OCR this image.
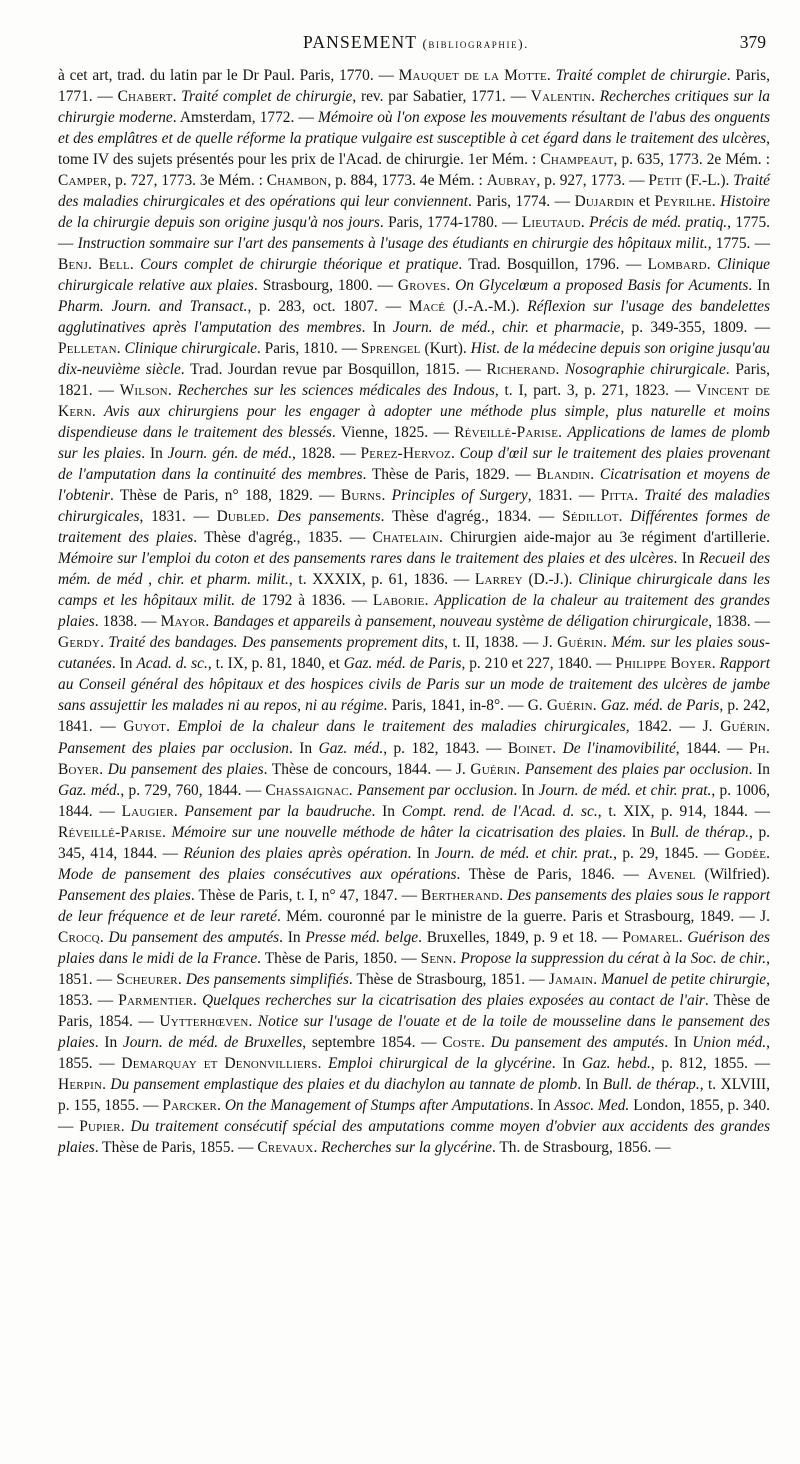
PANSEMENT (bibliographie).	379

à cet art, trad. du latin par le Dr Paul. Paris, 1770. — Mauquet de la Motte. Traité complet de chirurgie. Paris, 1771. — Chabert. Traité complet de chirurgie, rev. par Sabatier, 1771. — Valentin. Recherches critiques sur la chirurgie moderne. Amsterdam, 1772. — Mémoire où l'on expose les mouvements résultant de l'abus des onguents et des emplâtres et de quelle réforme la pratique vulgaire est susceptible à cet égard dans le traitement des ulcères, tome IV des sujets présentés pour les prix de l'Acad. de chirurgie. 1er Mém. : Champeaut, p. 635, 1773. 2e Mém. : Camper, p. 727, 1773. 3e Mém. : Chambon, p. 884, 1773. 4e Mém. : Aubray, p. 927, 1773. — Petit (F.-L.). Traité des maladies chirurgicales et des opérations qui leur conviennent. Paris, 1774. — Dujardin et Peyrilhe. Histoire de la chirurgie depuis son origine jusqu'à nos jours. Paris, 1774-1780. — Lieutaud. Précis de méd. pratiq., 1775. — Instruction sommaire sur l'art des pansements à l'usage des étudiants en chirurgie des hôpitaux milit., 1775. — Benj. Bell. Cours complet de chirurgie théorique et pratique. Trad. Bosquillon, 1796. — Lombard. Clinique chirurgicale relative aux plaies. Strasbourg, 1800. — Groves. On Glycelœum a proposed Basis for Acuments. In Pharm. Journ. and Transact., p. 283, oct. 1807. — Macé (J.-A.-M.). Réflexion sur l'usage des bandelettes agglutinatives après l'amputation des membres. In Journ. de méd., chir. et pharmacie, p. 349-355, 1809. — Pelletan. Clinique chirurgicale. Paris, 1810. — Sprengel (Kurt). Hist. de la médecine depuis son origine jusqu'au dix-neuvième siècle. Trad. Jourdan revue par Bosquillon, 1815. — Richerand. Nosographie chirurgicale. Paris, 1821. — Wilson. Recherches sur les sciences médicales des Indous, t. I, part. 3, p. 271, 1823. — Vincent de Kern. Avis aux chirurgiens pour les engager à adopter une méthode plus simple, plus naturelle et moins dispendieuse dans le traitement des blessés. Vienne, 1825. — Réveillé-Parise. Applications de lames de plomb sur les plaies. In Journ. gén. de méd., 1828. — Perez-Hervoz. Coup d'œil sur le traitement des plaies provenant de l'amputation dans la continuité des membres. Thèse de Paris, 1829. — Blandin. Cicatrisation et moyens de l'obtenir. Thèse de Paris, n° 188, 1829. — Burns. Principles of Surgery, 1831. — Pitta. Traité des maladies chirurgicales, 1831. — Dubled. Des pansements. Thèse d'agrég., 1834. — Sédillot. Différentes formes de traitement des plaies. Thèse d'agrég., 1835. — Chatelain. Chirurgien aide-major au 3e régiment d'artillerie. Mémoire sur l'emploi du coton et des pansements rares dans le traitement des plaies et des ulcères. In Recueil des mém. de méd , chir. et pharm. milit., t. XXXIX, p. 61, 1836. — Larrey (D.-J.). Clinique chirurgicale dans les camps et les hôpitaux milit. de 1792 à 1836. — Laborie. Application de la chaleur au traitement des grandes plaies. 1838. — Mayor. Bandages et appareils à pansement, nouveau système de déligation chirurgicale, 1838. — Gerdy. Traité des bandages. Des pansements proprement dits, t. II, 1838. — J. Guérin. Mém. sur les plaies sous-cutanées. In Acad. d. sc., t. IX, p. 81, 1840, et Gaz. méd. de Paris, p. 210 et 227, 1840. — Philippe Boyer. Rapport au Conseil général des hôpitaux et des hospices civils de Paris sur un mode de traitement des ulcères de jambe sans assujettir les malades ni au repos, ni au régime. Paris, 1841, in-8°. — G. Guérin. Gaz. méd. de Paris, p. 242, 1841. — Guyot. Emploi de la chaleur dans le traitement des maladies chirurgicales, 1842. — J. Guérin. Pansement des plaies par occlusion. In Gaz. méd., p. 182, 1843. — Boinet. De l'inamovibilité, 1844. — Ph. Boyer. Du pansement des plaies. Thèse de concours, 1844. — J. Guérin. Pansement des plaies par occlusion. In Gaz. méd., p. 729, 760, 1844. — Chassaignac. Pansement par occlusion. In Journ. de méd. et chir. prat., p. 1006, 1844. — Laugier. Pansement par la baudruche. In Compt. rend. de l'Acad. d. sc., t. XIX, p. 914, 1844. — Réveillé-Parise. Mémoire sur une nouvelle méthode de hâter la cicatrisation des plaies. In Bull. de thérap., p. 345, 414, 1844. — Réunion des plaies après opération. In Journ. de méd. et chir. prat., p. 29, 1845. — Godée. Mode de pansement des plaies consécutives aux opérations. Thèse de Paris, 1846. — Avenel (Wilfried). Pansement des plaies. Thèse de Paris, t. I, n° 47, 1847. — Bertherand. Des pansements des plaies sous le rapport de leur fréquence et de leur rareté. Mém. couronné par le ministre de la guerre. Paris et Strasbourg, 1849. — J. Crocq. Du pansement des amputés. In Presse méd. belge. Bruxelles, 1849, p. 9 et 18. — Pomarel. Guérison des plaies dans le midi de la France. Thèse de Paris, 1850. — Senn. Propose la suppression du cérat à la Soc. de chir., 1851. — Scheurer. Des pansements simplifiés. Thèse de Strasbourg, 1851. — Jamain. Manuel de petite chirurgie, 1853. — Parmentier. Quelques recherches sur la cicatrisation des plaies exposées au contact de l'air. Thèse de Paris, 1854. — Uytterhœven. Notice sur l'usage de l'ouate et de la toile de mousseline dans le pansement des plaies. In Journ. de méd. de Bruxelles, septembre 1854. — Coste. Du pansement des amputés. In Union méd., 1855. — Demarquay et Denonvilliers. Emploi chirurgical de la glycérine. In Gaz. hebd., p. 812, 1855. — Herpin. Du pansement emplastique des plaies et du diachylon au tannate de plomb. In Bull. de thérap., t. XLVIII, p. 155, 1855. — Parcker. On the Management of Stumps after Amputations. In Assoc. Med. London, 1855, p. 340. — Pupier. Du traitement consécutif spécial des amputations comme moyen d'obvier aux accidents des grandes plaies. Thèse de Paris, 1855. — Crevaux. Recherches sur la glycérine. Th. de Strasbourg, 1856. —
